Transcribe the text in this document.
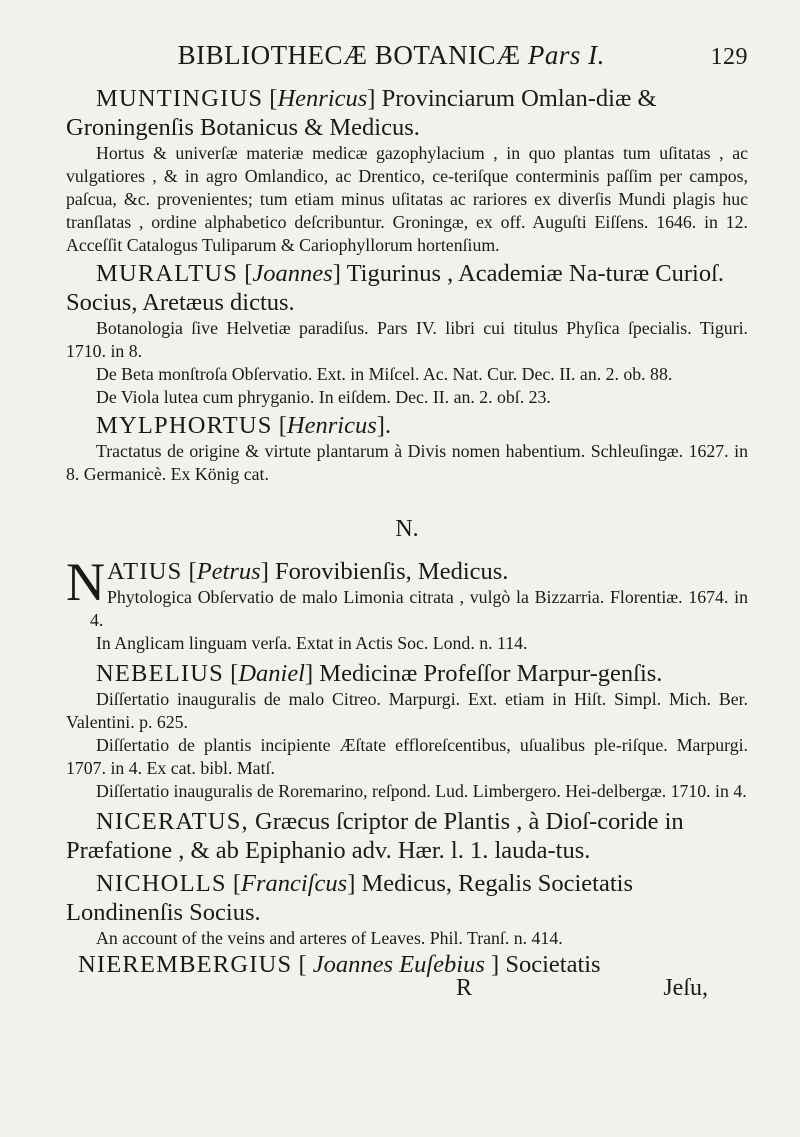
BIBLIOTHECÆ BOTANICÆ Pars I.	129

MUNTINGIUS [Henricus] Provinciarum Omlan-diæ & Groningenſis Botanicus & Medicus.

Hortus & univerſæ materiæ medicæ gazophylacium , in quo plantas tum uſitatas , ac vulgatiores , & in agro Omlandico, ac Drentico, ce-teriſque conterminis paſſim per campos, paſcua, &c. provenientes; tum etiam minus uſitatas ac rariores ex diverſis Mundi plagis huc tranſlatas , ordine alphabetico deſcribuntur. Groningæ, ex off. Auguſti Eiſſens. 1646. in 12. Acceſſit Catalogus Tuliparum & Cariophyllorum hortenſium.

MURALTUS [Joannes] Tigurinus , Academiæ Na-turæ Curioſ. Socius, Aretæus dictus.

Botanologia ſive Helvetiæ paradiſus. Pars IV. libri cui titulus Phyſica ſpecialis. Tiguri. 1710. in 8.

De Beta monſtroſa Obſervatio. Ext. in Miſcel. Ac. Nat. Cur. Dec. II. an. 2. ob. 88.

De Viola lutea cum phryganio. In eiſdem. Dec. II. an. 2. obſ. 23.

MYLPHORTUS [Henricus].

Tractatus de origine & virtute plantarum à Divis nomen habentium. Schleuſingæ. 1627. in 8. Germanicè. Ex König cat.

N.
N ATIUS [Petrus] Forovibienſis, Medicus.

Phytologica Obſervatio de malo Limonia citrata , vulgò la Bizzarria. Florentiæ. 1674. in 4.

In Anglicam linguam verſa. Extat in Actis Soc. Lond. n. 114.

NEBELIUS [Daniel] Medicinæ Profeſſor Marpur-genſis.

Diſſertatio inauguralis de malo Citreo. Marpurgi. Ext. etiam in Hiſt. Simpl. Mich. Ber. Valentini. p. 625.

Diſſertatio de plantis incipiente Æſtate efflorеſcentibus, uſualibus ple-riſque. Marpurgi. 1707. in 4. Ex cat. bibl. Matſ.

Diſſertatio inauguralis de Roremarino, reſpond. Lud. Limbergero. Hei-delbergæ. 1710. in 4.

NICERATUS, Græcus ſcriptor de Plantis , à Dioſ-coride in Præfatione , & ab Epiphanio adv. Hær. l. 1. lauda-tus.

NICHOLLS [Franciſcus] Medicus, Regalis Societatis Londinenſis Socius.

An account of the veins and arteres of Leaves. Phil. Tranſ. n. 414.

NIEREMBERGIUS [ Joannes Euſebius ] Societatis

R	Jeſu,
